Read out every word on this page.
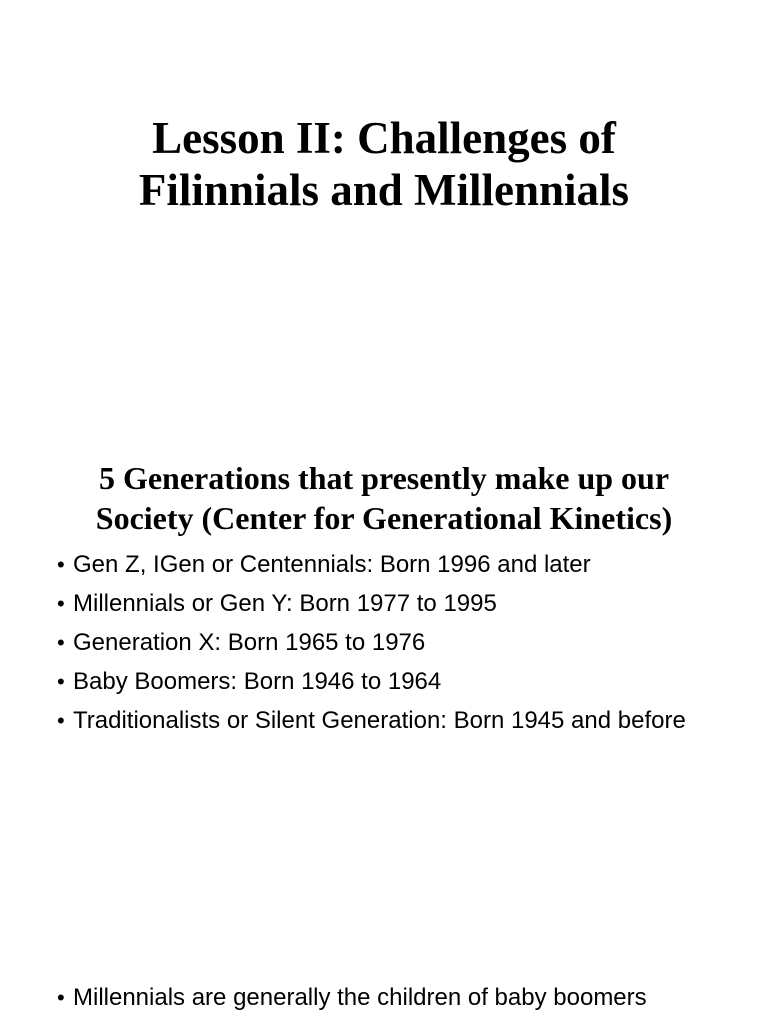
Lesson II: Challenges of
Filinnials and Millennials
5 Generations that presently make up our
Society (Center for Generational Kinetics)
• Gen Z, IGen or Centennials: Born 1996 and later
• Millennials or Gen Y: Born 1977 to 1995
• Generation X: Born 1965 to 1976
• Baby Boomers: Born 1946 to 1964
• Traditionalists or Silent Generation: Born 1945 and before
• Millennials are generally the children of baby boomers
